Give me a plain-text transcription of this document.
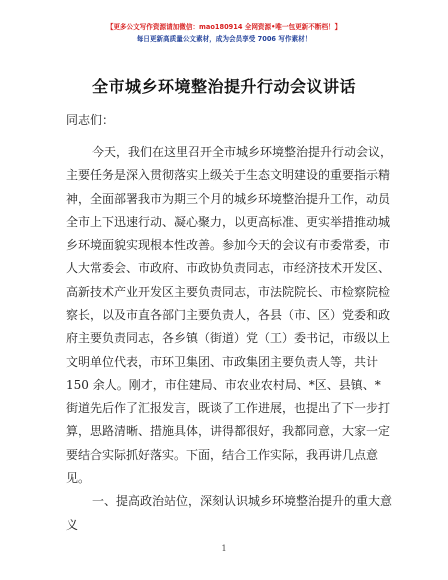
【更多公文写作资源请加微信：mao180914 全网资源•唯一包更新不断档！】
每日更新高质量公文素材，成为会员享受 7006 写作素材！
全市城乡环境整治提升行动会议讲话
同志们：
今天，我们在这里召开全市城乡环境整治提升行动会议，
主要任务是深入贯彻落实上级关于生态文明建设的重要指示精
神，全面部署我市为期三个月的城乡环境整治提升工作，动员
全市上下迅速行动、凝心聚力，以更高标准、更实举措推动城
乡环境面貌实现根本性改善。参加今天的会议有市委常委，市
人大常委会、市政府、市政协负责同志，市经济技术开发区、
高新技术产业开发区主要负责同志，市法院院长、市检察院检
察长，以及市直各部门主要负责人，各县（市、区）党委和政
府主要负责同志，各乡镇（街道）党（工）委书记，市级以上
文明单位代表，市环卫集团、市政集团主要负责人等，共计
150 余人。刚才，市住建局、市农业农村局、*区、县镇、*
街道先后作了汇报发言，既谈了工作进展，也提出了下一步打
算，思路清晰、措施具体，讲得都很好，我都同意，大家一定
要结合实际抓好落实。下面，结合工作实际，我再讲几点意
见。
一、提高政治站位，深刻认识城乡环境整治提升的重大意
义
1
